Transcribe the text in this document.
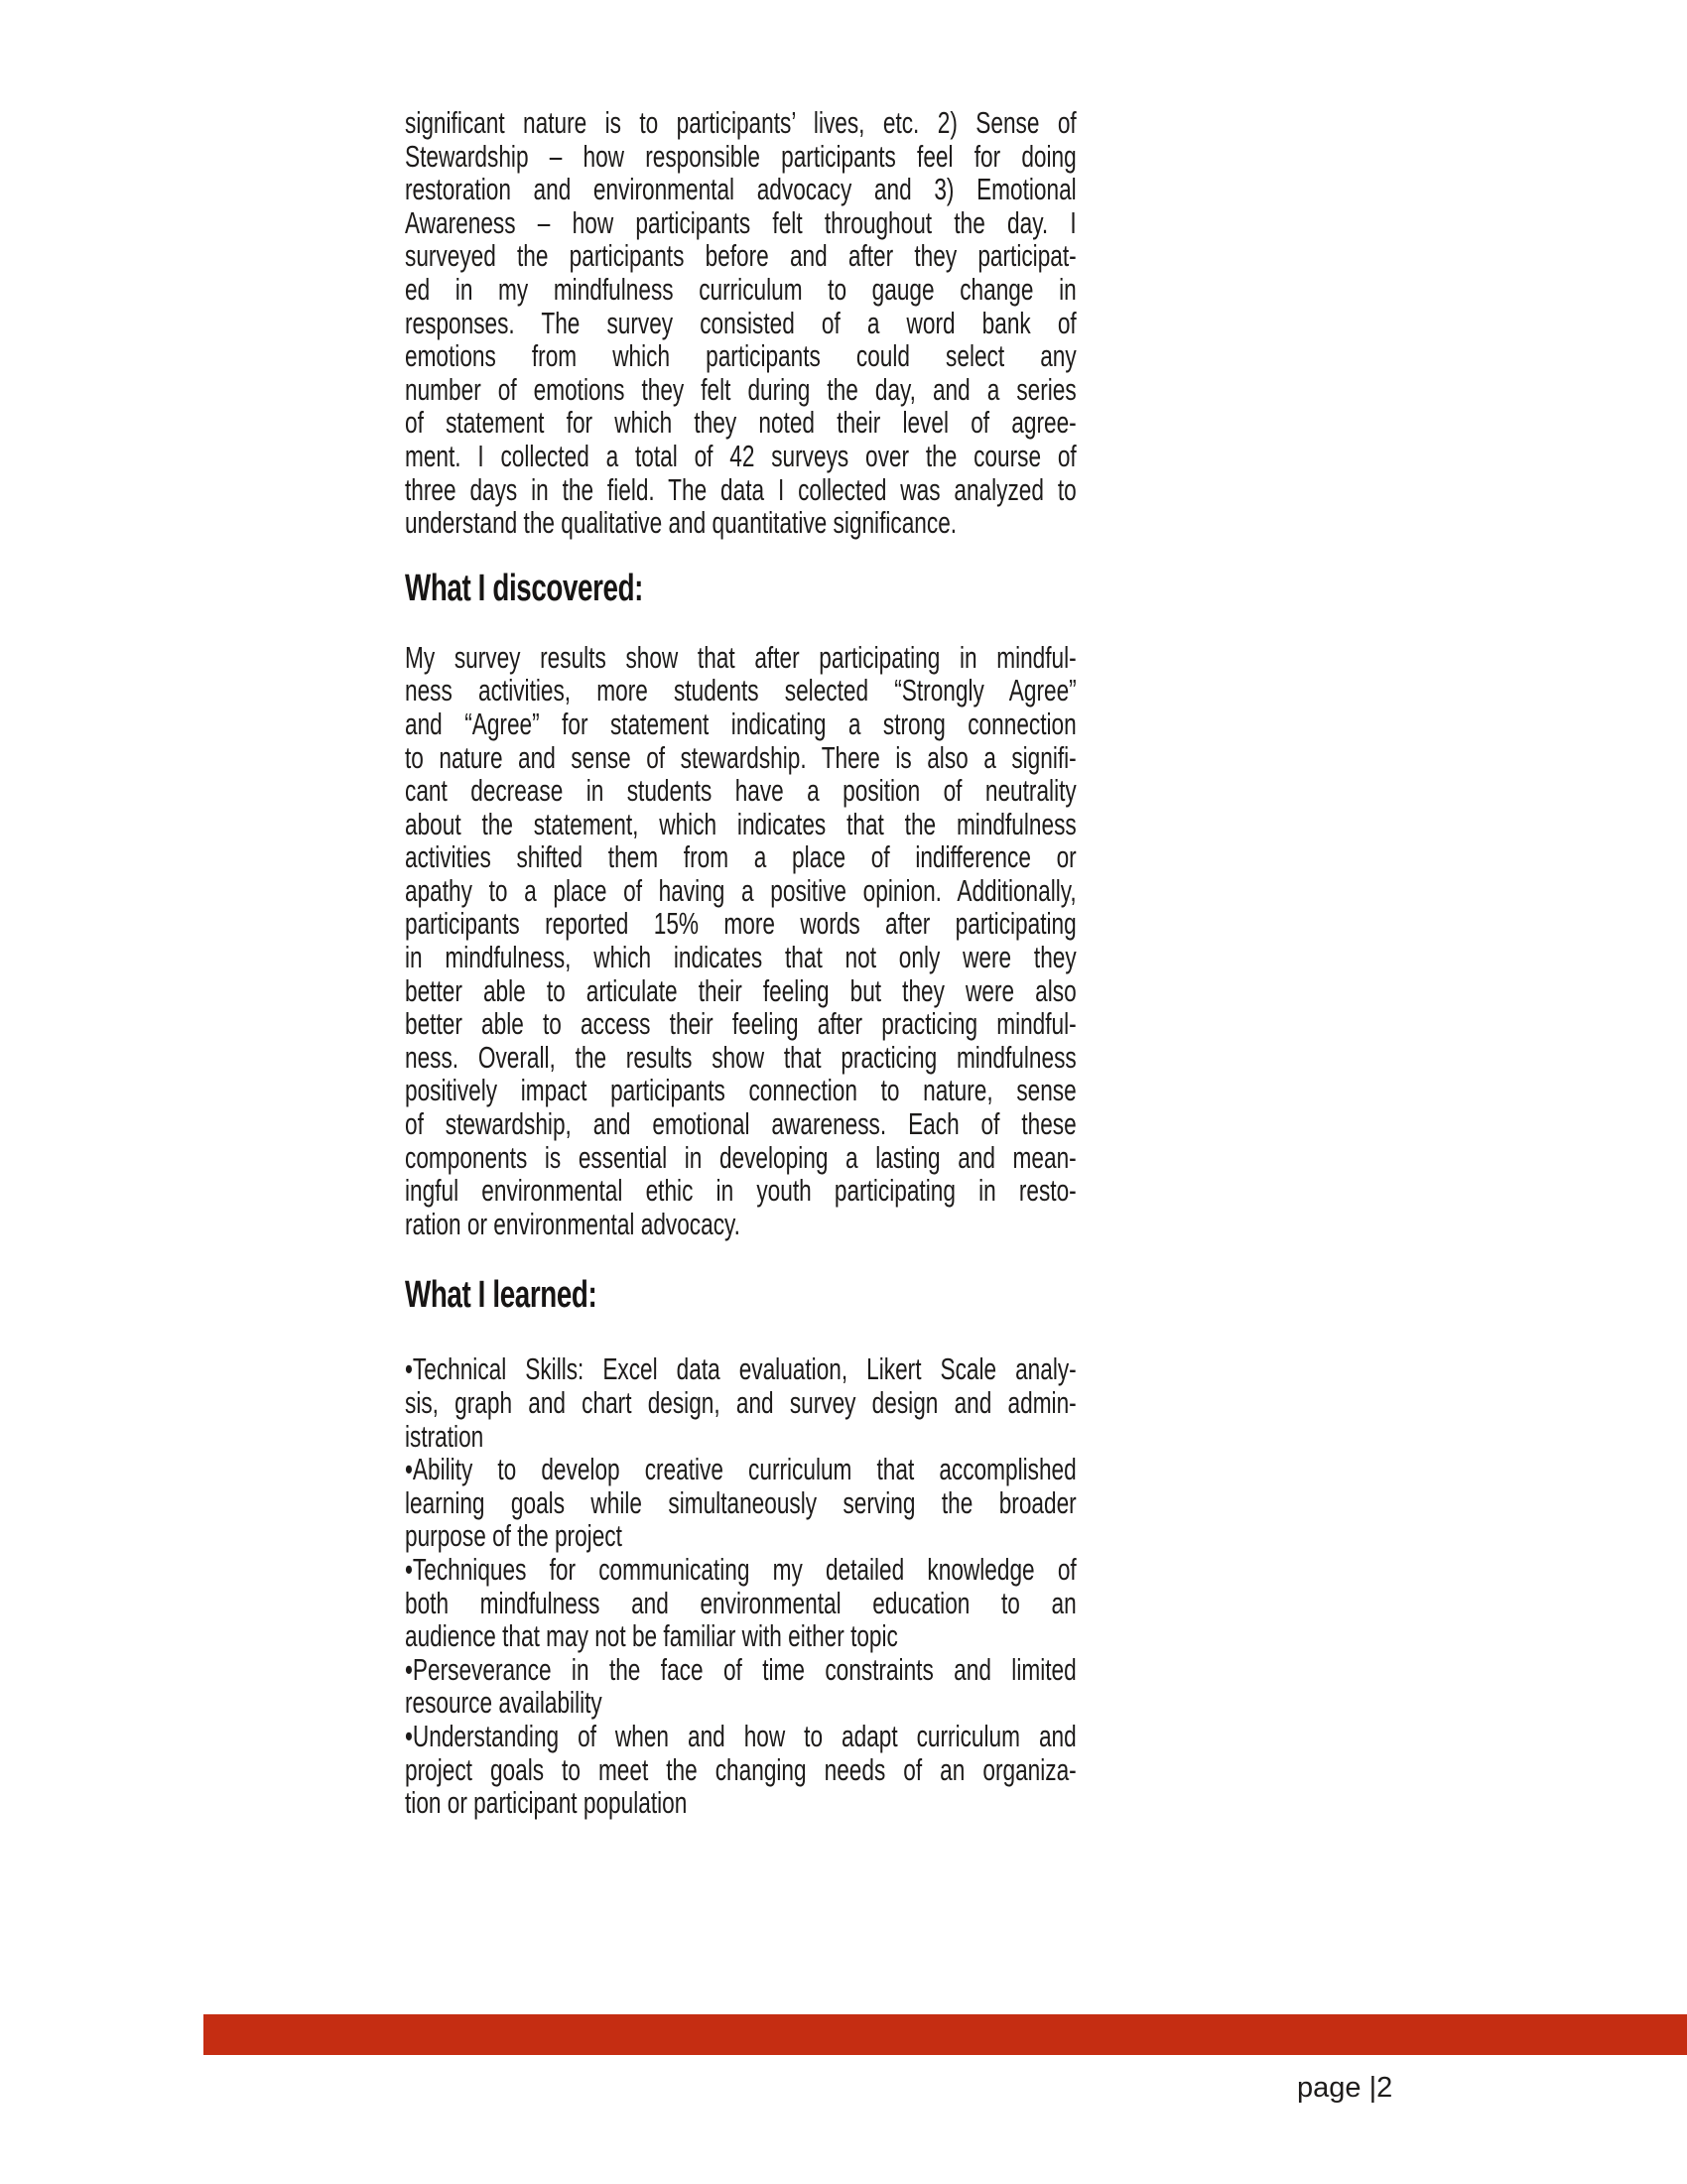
significant nature is to participants’ lives, etc. 2) Sense of
Stewardship – how responsible participants feel for doing
restoration and environmental advocacy and 3) Emotional
Awareness – how participants felt throughout the day. I
surveyed the participants before and after they participat-
ed in my mindfulness curriculum to gauge change in
responses. The survey consisted of a word bank of
emotions from which participants could select any
number of emotions they felt during the day, and a series
of statement for which they noted their level of agree-
ment. I collected a total of 42 surveys over the course of
three days in the field. The data I collected was analyzed to
understand the qualitative and quantitative significance.
What I discovered:
My survey results show that after participating in mindful-
ness activities, more students selected “Strongly Agree”
and “Agree” for statement indicating a strong connection
to nature and sense of stewardship. There is also a signifi-
cant decrease in students have a position of neutrality
about the statement, which indicates that the mindfulness
activities shifted them from a place of indifference or
apathy to a place of having a positive opinion. Additionally,
participants reported 15% more words after participating
in mindfulness, which indicates that not only were they
better able to articulate their feeling but they were also
better able to access their feeling after practicing mindful-
ness. Overall, the results show that practicing mindfulness
positively impact participants connection to nature, sense
of stewardship, and emotional awareness. Each of these
components is essential in developing a lasting and mean-
ingful environmental ethic in youth participating in resto-
ration or environmental advocacy.
What I learned:
•Technical Skills: Excel data evaluation, Likert Scale analy-
sis, graph and chart design, and survey design and admin-
istration
•Ability to develop creative curriculum that accomplished
learning goals while simultaneously serving the broader
purpose of the project
•Techniques for communicating my detailed knowledge of
both mindfulness and environmental education to an
audience that may not be familiar with either topic
•Perseverance in the face of time constraints and limited
resource availability
•Understanding of when and how to adapt curriculum and
project goals to meet the changing needs of an organiza-
tion or participant population
page |2
